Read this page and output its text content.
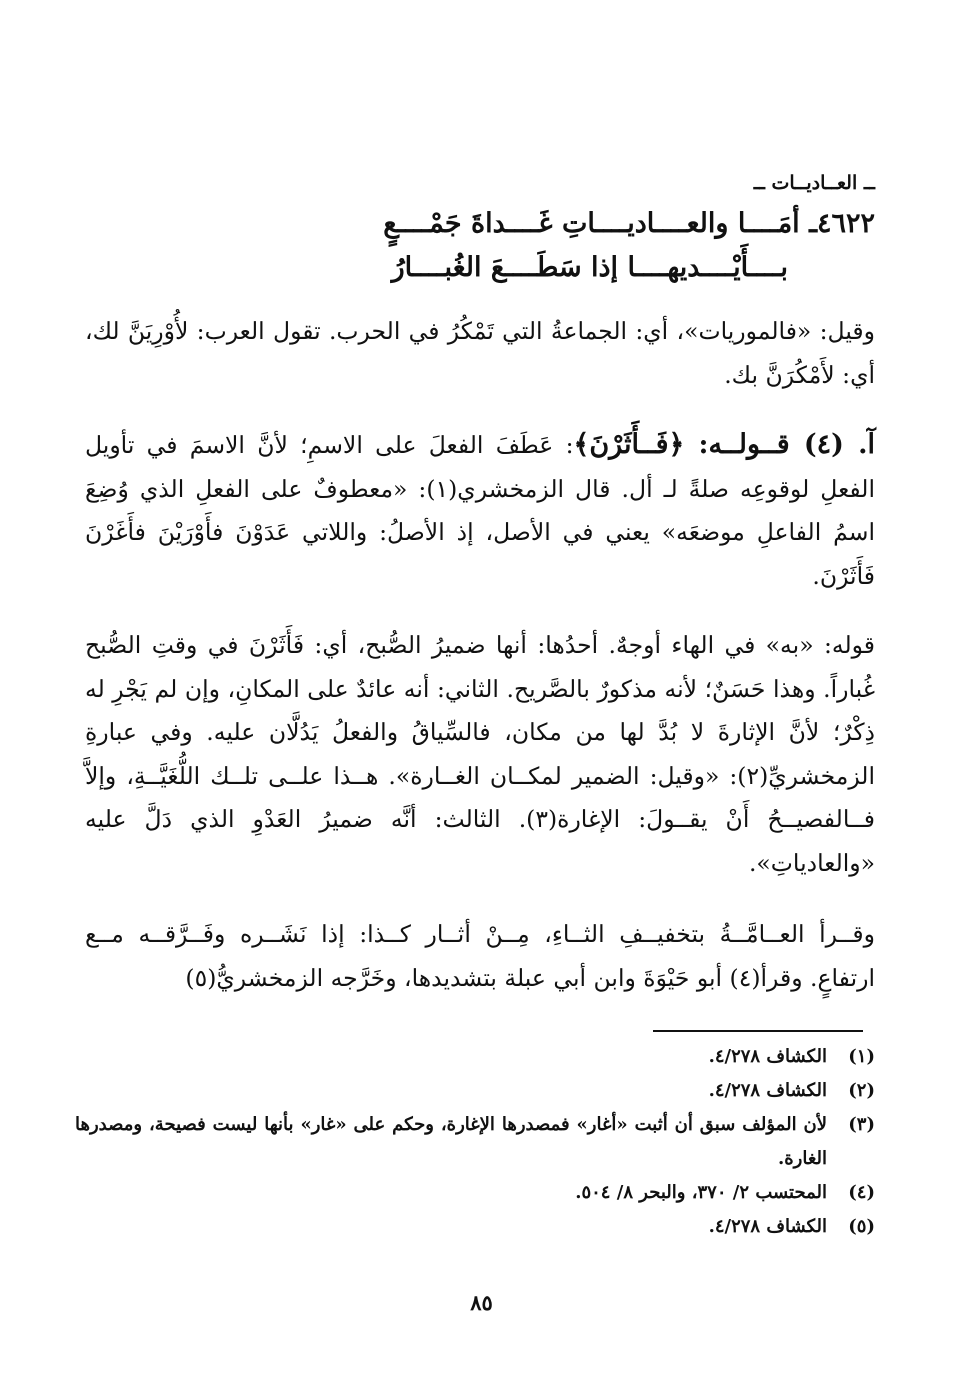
ــ العــاديــات ــ
٤٦٢٢ـ أمَــــا والعــــاديــــاتِ غَــــداةَ جَمْــــعٍ
بــــأَيْــــديهــــا إذا سَطَــــعَ الغُبــــارُ
وقيل: «فالموريات»، أي: الجماعةُ التي تَمْكُرُ في الحرب. تقول العرب: لأُوْرِيَنَّ لك، أي: لأَمْكُرَنَّ بك.
آ. (٤) قــولــه: ﴿فَــأَثَرْنَ﴾: عَطَفَ الفعلَ على الاسمِ؛ لأنَّ الاسمَ في تأويل الفعلِ لوقوعِه صلةً لـ أل. قال الزمخشري(١): «معطوفٌ على الفعلِ الذي وُضِعَ اسمُ الفاعلِ موضعَه» يعني في الأصل، إذ الأصلُ: واللاتي عَدَوْنَ فأَوْرَيْنَ فأَغَرْنَ فَأَثَرْنَ.
قوله: «به» في الهاء أوجهٌ. أحدُها: أنها ضميرُ الصُّبح، أي: فَأَثَرْنَ في وقتِ الصُّبح غُباراً. وهذا حَسَنٌ؛ لأنه مذكورٌ بالصَّريح. الثاني: أنه عائدٌ على المكانِ، وإن لم يَجْرِ له ذِكْرٌ؛ لأنَّ الإثارةَ لا بُدَّ لها من مكان، فالسِّياقُ والفعلُ يَدُلَّان عليه. وفي عبارةِ الزمخشريِّ(٢): «وقيل: الضمير لمكــان الغــارة». هــذا علــى تلــك اللُّغَيَّــةِ، وإلاَّ فــالفصيــحُ أَنْ يقــولَ: الإغارة(٣). الثالث: أنَّه ضميرُ العَدْوِ الذي دَلَّ عليه «والعادياتِ».
وقــرأ العــامَّــةُ بتخفيــفِ الثــاءِ، مِــنْ أثــار كــذا: إذا نَشَــره وفَــرَّقــه مــع ارتفاعٍ. وقرأ(٤) أبو حَيْوَةَ وابن أبي عبلة بتشديدها، وخَرَّجه الزمخشريُّ(٥)
(١)
الكشاف ٤/٢٧٨.
(٢)
الكشاف ٤/٢٧٨.
(٣)
لأن المؤلف سبق أن أثبت «أغار» فمصدرها الإغارة، وحكم على «غار» بأنها ليست فصيحة، ومصدرها الغارة.
(٤)
المحتسب ٢/ ٣٧٠، والبحر ٨/ ٥٠٤.
(٥)
الكشاف ٤/٢٧٨.
٨٥
